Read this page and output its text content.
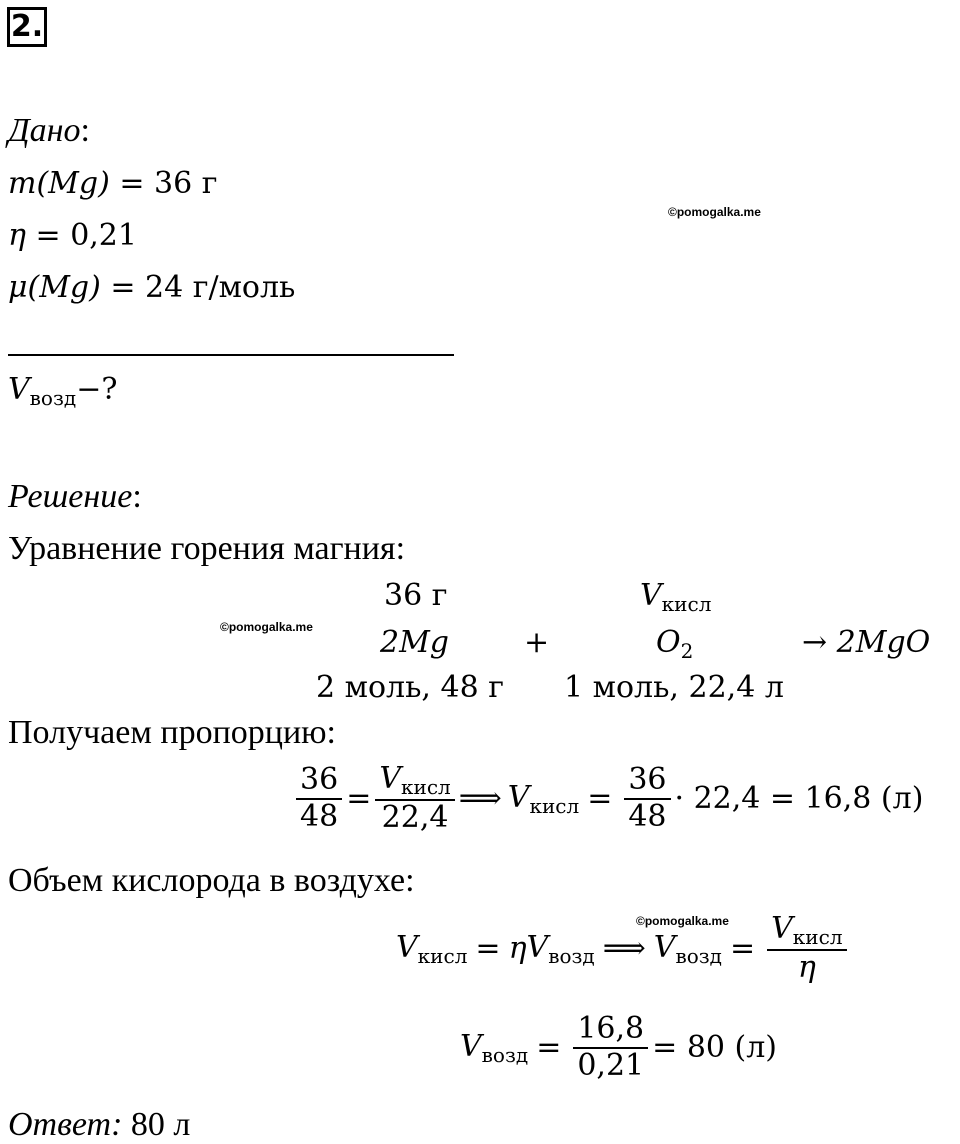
2.
Дано:
m(Mg) = 36 г
η = 0,21
μ(Mg) = 24 г/моль
©pomogalka.me
$V_{возд}-$?
Решение:
Уравнение горения магния:
36 г	$V_{кисл}$
©pomogalka.me 2Mg +	$O_2$	→ 2MgO
2 моль, 48 г 1 моль, 22,4 л
Получаем пропорцию:
$\frac{36}{48} = \frac{V_{кисл}}{22,4}$ ⟹ $V_{кисл} = \frac{36}{48} \cdot 22,4 = 16,8$ (л)
Объем кислорода в воздухе:
©pomogalka.me
$V_{кисл} = \eta$ $V_{возд}$ ⟹ $V_{возд} = \frac{V_{кисл}}{\eta}$
$V_{возд} = \frac{16,8}{0,21} = 80$ (л)
Ответ: 80 л
